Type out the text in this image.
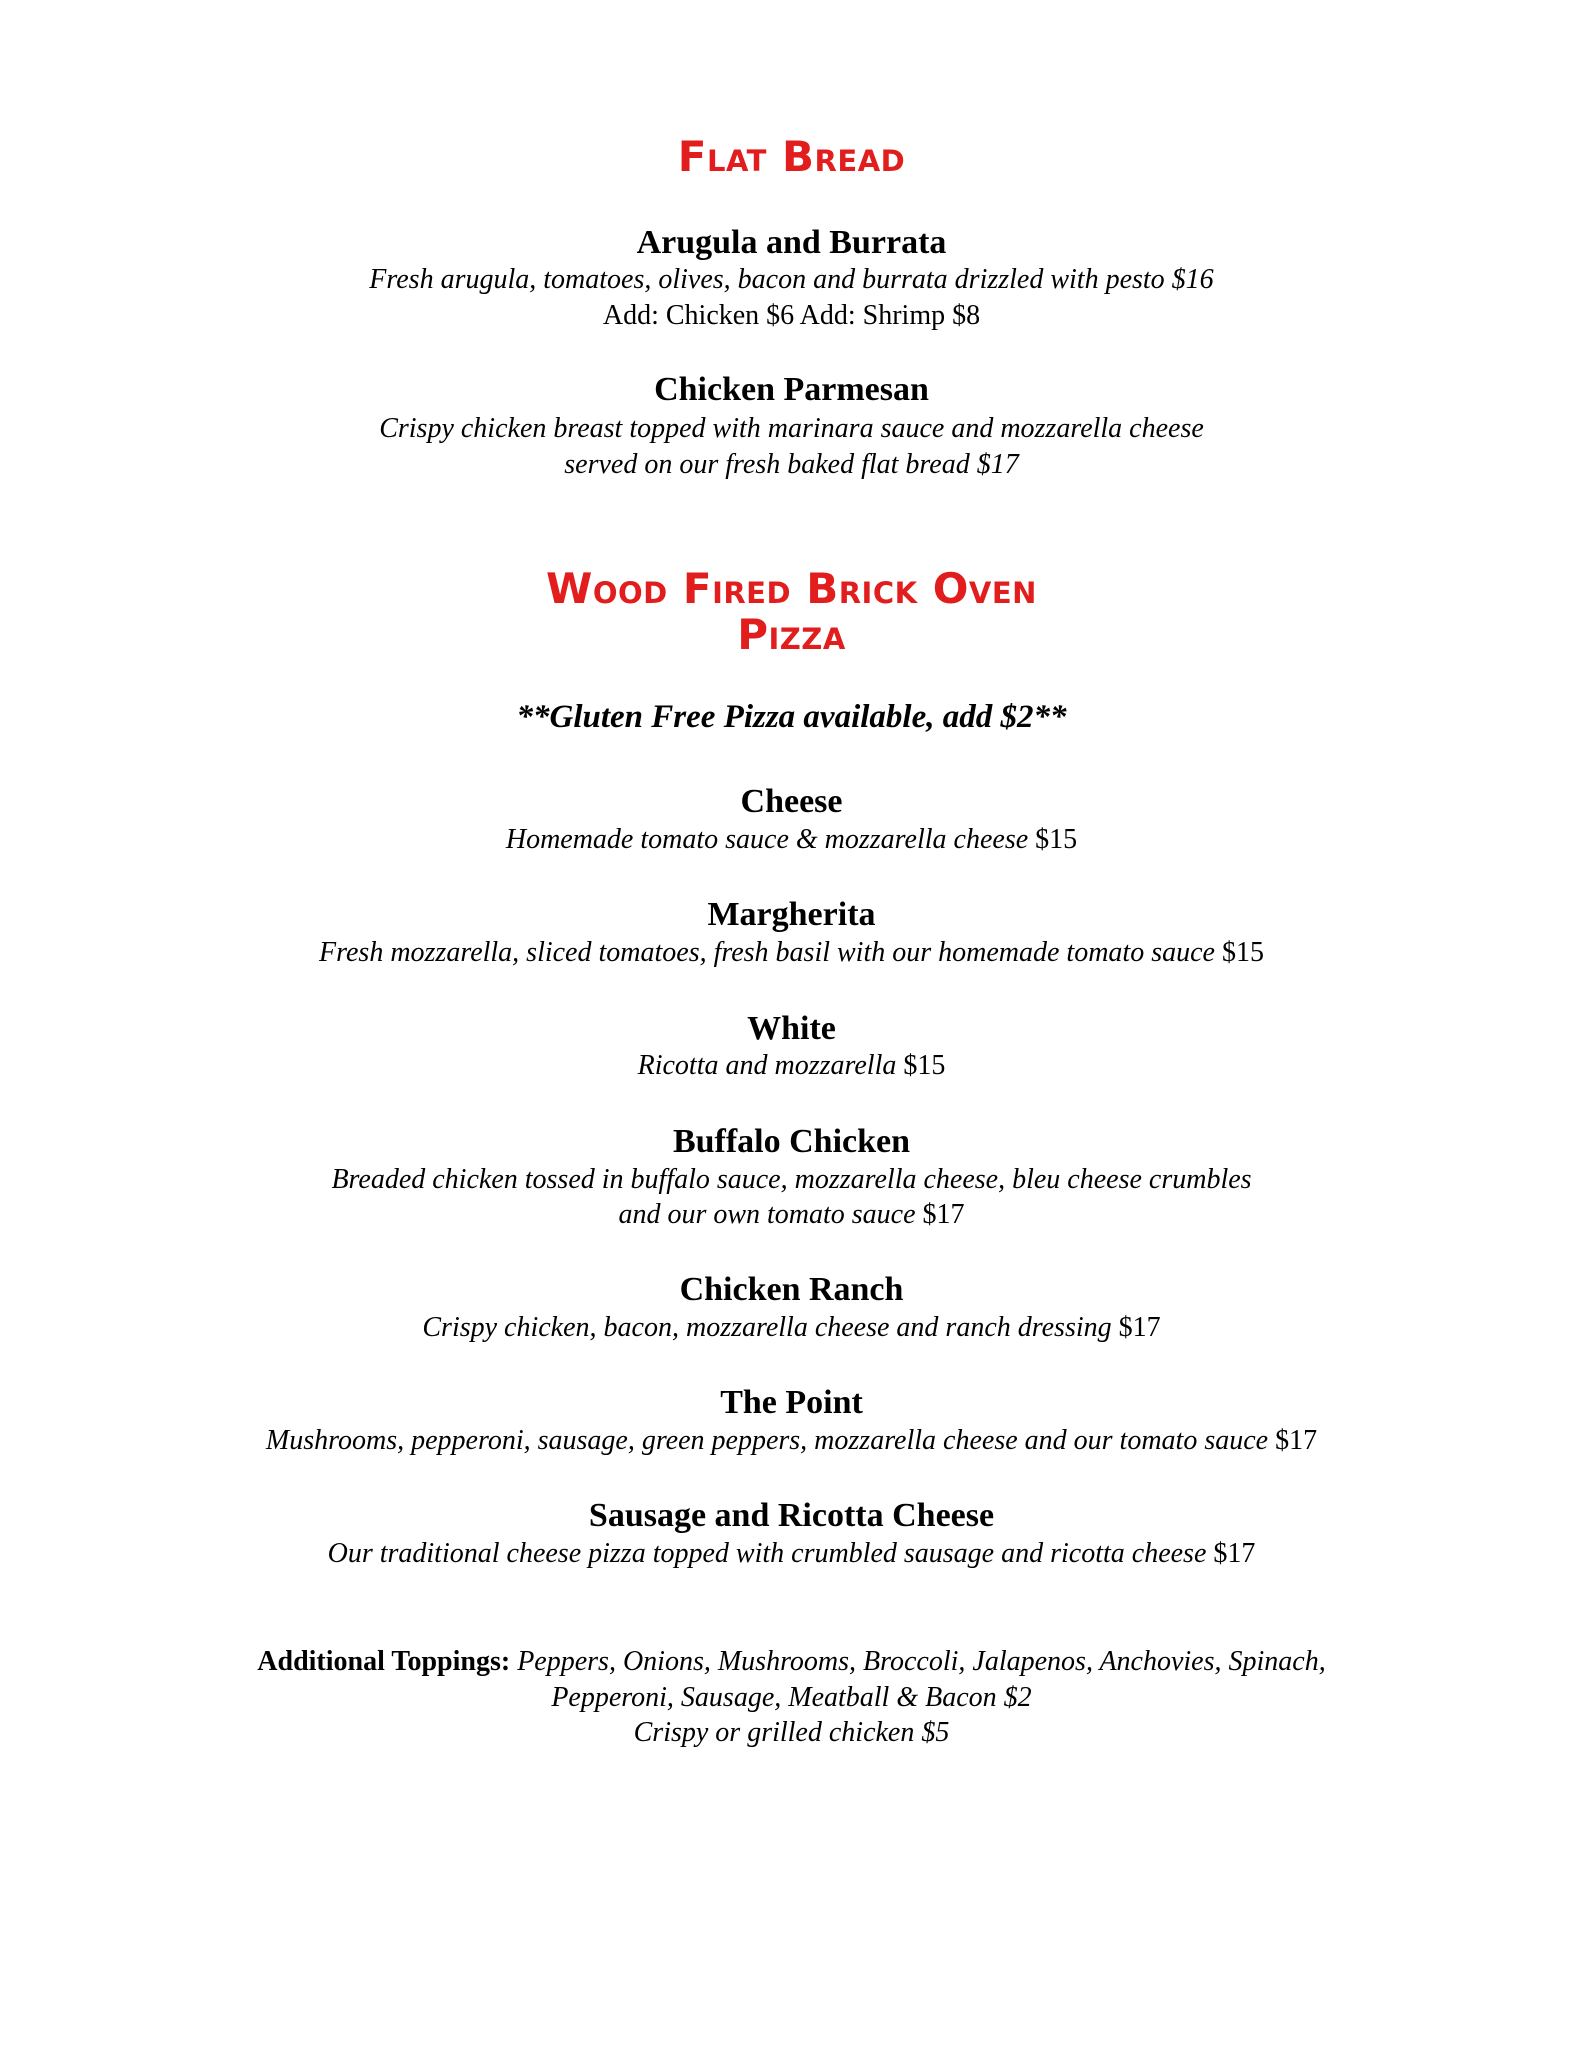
Flat Bread
Arugula and Burrata
Fresh arugula, tomatoes, olives, bacon and burrata drizzled with pesto $16
Add: Chicken $6 Add: Shrimp $8
Chicken Parmesan
Crispy chicken breast topped with marinara sauce and mozzarella cheese
served on our fresh baked flat bread $17
Wood Fired Brick Oven
Pizza
**Gluten Free Pizza available, add $2**
Cheese
Homemade tomato sauce & mozzarella cheese $15
Margherita
Fresh mozzarella, sliced tomatoes, fresh basil with our homemade tomato sauce $15
White
Ricotta and mozzarella $15
Buffalo Chicken
Breaded chicken tossed in buffalo sauce, mozzarella cheese, bleu cheese crumbles
and our own tomato sauce $17
Chicken Ranch
Crispy chicken, bacon, mozzarella cheese and ranch dressing $17
The Point
Mushrooms, pepperoni, sausage, green peppers, mozzarella cheese and our tomato sauce $17
Sausage and Ricotta Cheese
Our traditional cheese pizza topped with crumbled sausage and ricotta cheese $17
Additional Toppings: Peppers, Onions, Mushrooms, Broccoli, Jalapenos, Anchovies, Spinach,
Pepperoni, Sausage, Meatball & Bacon $2
Crispy or grilled chicken $5
